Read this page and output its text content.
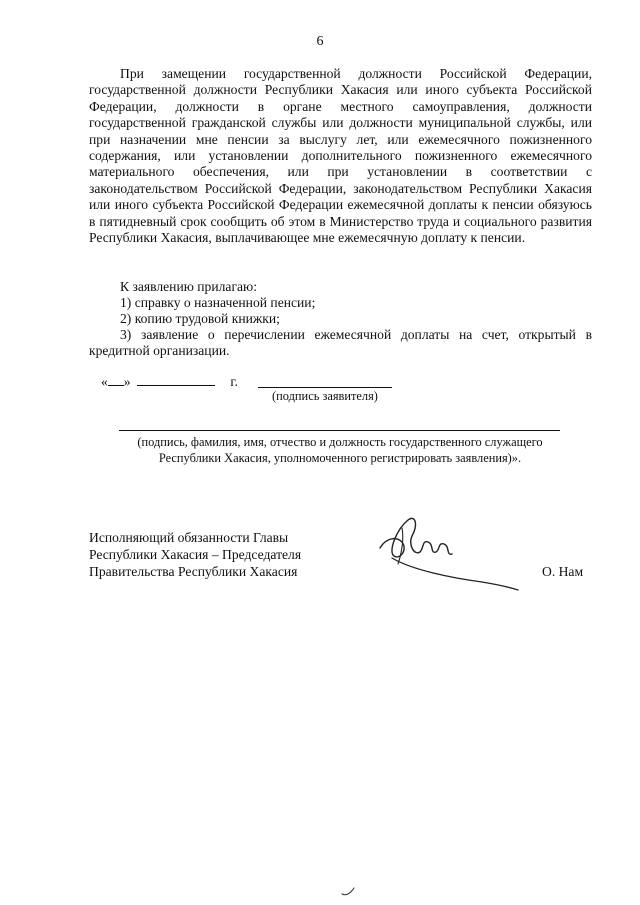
6

При замещении государственной должности Российской Федерации, государственной должности Республики Хакасия или иного субъекта Российской Федерации, должности в органе местного самоуправления, должности государственной гражданской службы или должности муниципальной службы, или при назначении мне пенсии за выслугу лет, или ежемесячного пожизненного содержания, или установлении дополнительного пожизненного ежемесячного материального обеспечения, или при установлении в соответствии с законодательством Российской Федерации, законодательством Республики Хакасия или иного субъекта Российской Федерации ежемесячной доплаты к пенсии обязуюсь в пятидневный срок сообщить об этом в Министерство труда и социального развития Республики Хакасия, выплачивающее мне ежемесячную доплату к пенсии.

К заявлению прилагаю:

1) справку о назначенной пенсии;

2) копию трудовой книжки;

3) заявление о перечислении ежемесячной доплаты на счет, открытый в кредитной организации.

« »	г.
(подпись заявителя)
(подпись, фамилия, имя, отчество и должность государственного служащего
Республики Хакасия, уполномоченного регистрировать заявления)».
Исполняющий обязанности Главы
Республики Хакасия – Председателя
Правительства Республики Хакасия	О. Нам
